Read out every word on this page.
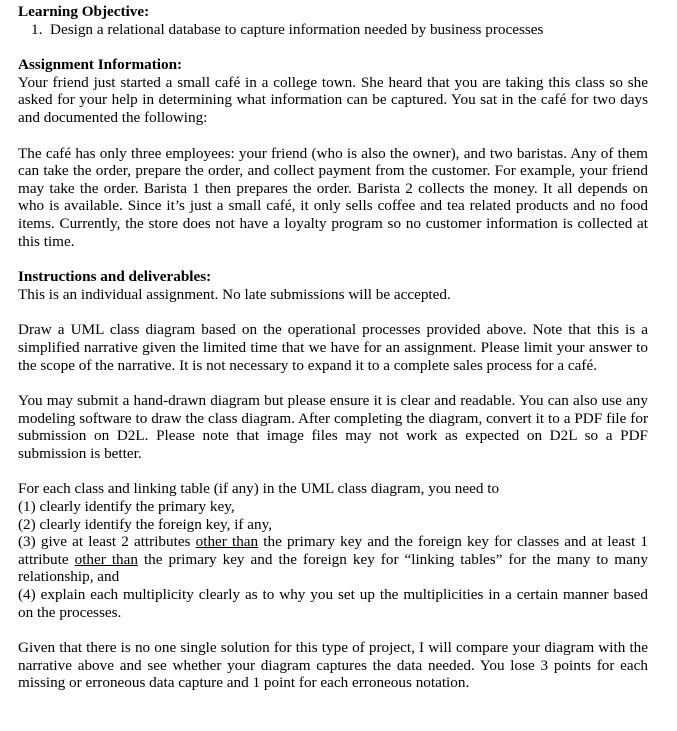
Learning Objective:
1. Design a relational database to capture information needed by business processes
Assignment Information:

Your friend just started a small café in a college town. She heard that you are taking this class so she asked for your help in determining what information can be captured. You sat in the café for two days and documented the following:

The café has only three employees: your friend (who is also the owner), and two baristas. Any of them can take the order, prepare the order, and collect payment from the customer. For example, your friend may take the order. Barista 1 then prepares the order. Barista 2 collects the money. It all depends on who is available. Since it’s just a small café, it only sells coffee and tea related products and no food items. Currently, the store does not have a loyalty program so no customer information is collected at this time.

Instructions and deliverables:

This is an individual assignment. No late submissions will be accepted.

Draw a UML class diagram based on the operational processes provided above. Note that this is a simplified narrative given the limited time that we have for an assignment. Please limit your answer to the scope of the narrative. It is not necessary to expand it to a complete sales process for a café.

You may submit a hand-drawn diagram but please ensure it is clear and readable. You can also use any modeling software to draw the class diagram. After completing the diagram, convert it to a PDF file for submission on D2L. Please note that image files may not work as expected on D2L so a PDF submission is better.

For each class and linking table (if any) in the UML class diagram, you need to
(1) clearly identify the primary key,
(2) clearly identify the foreign key, if any,

(3) give at least 2 attributes other than the primary key and the foreign key for classes and at least 1 attribute other than the primary key and the foreign key for “linking tables” for the many to many relationship, and

(4) explain each multiplicity clearly as to why you set up the multiplicities in a certain manner based on the processes.

Given that there is no one single solution for this type of project, I will compare your diagram with the narrative above and see whether your diagram captures the data needed. You lose 3 points for each missing or erroneous data capture and 1 point for each erroneous notation.
